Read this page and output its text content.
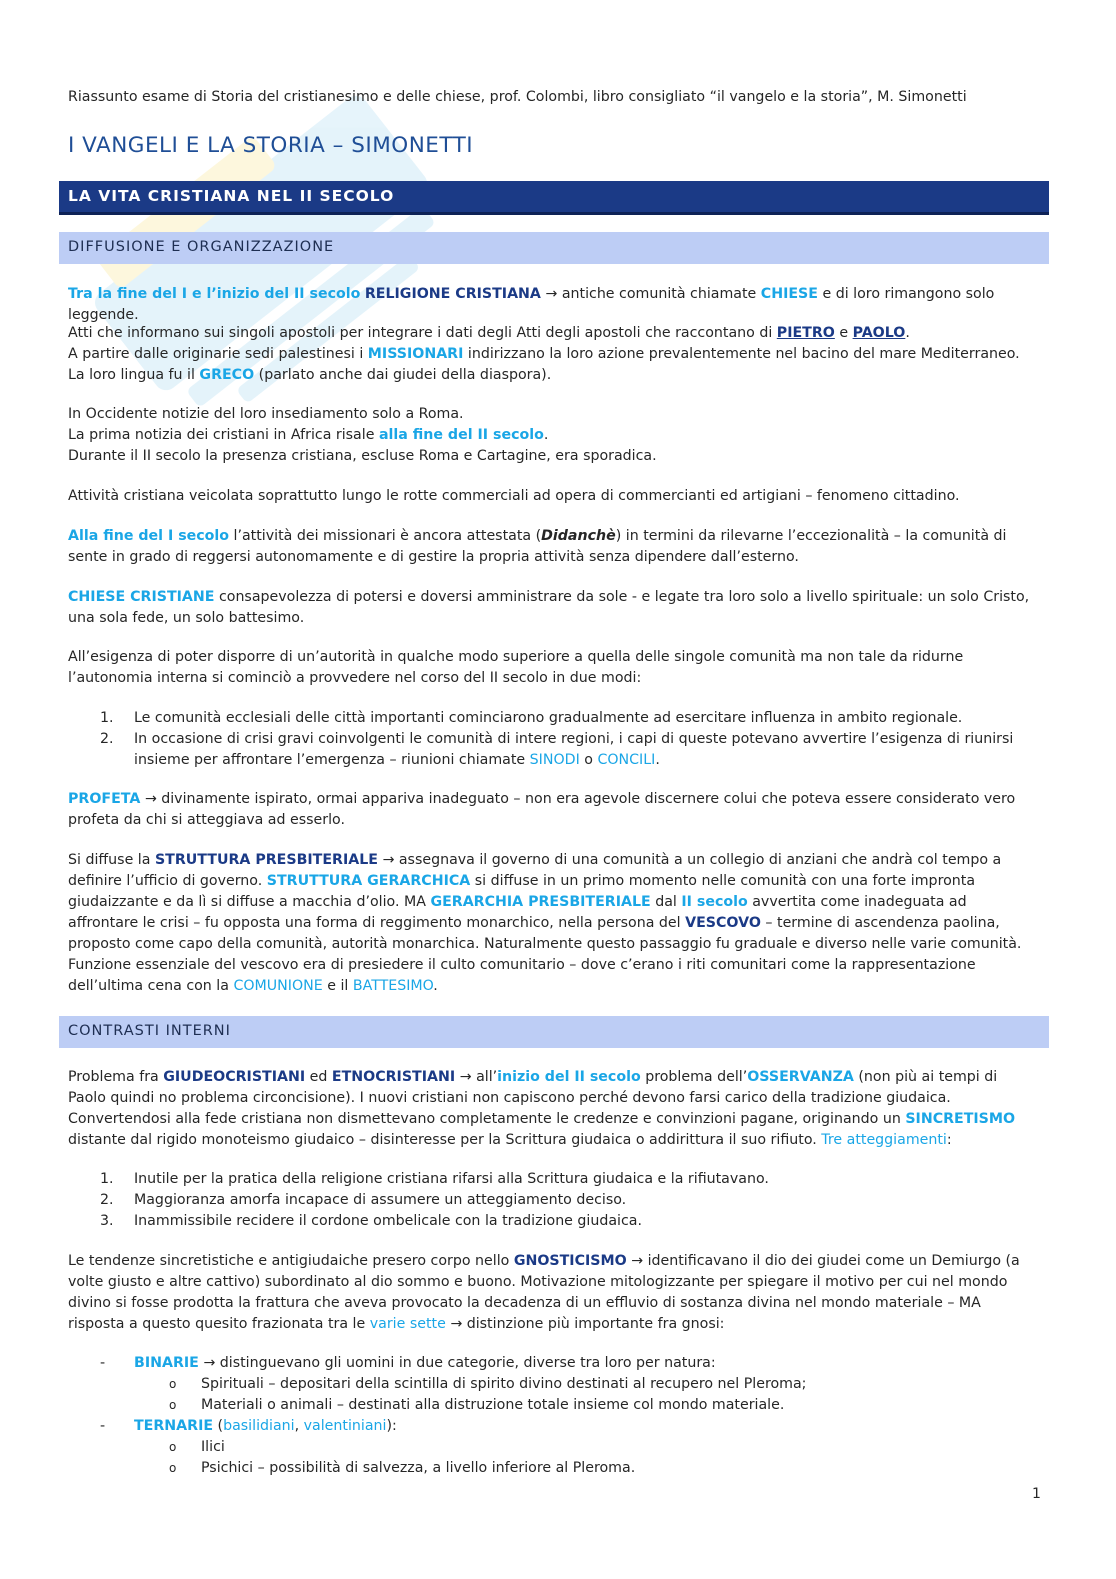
Riassunto esame di Storia del cristianesimo e delle chiese, prof. Colombi, libro consigliato “il vangelo e la storia”, M. Simonetti

I VANGELI E LA STORIA – SIMONETTI
LA VITA CRISTIANA NEL II SECOLO
DIFFUSIONE E ORGANIZZAZIONE

Tra la fine del I e l’inizio del II secolo RELIGIONE CRISTIANA → antiche comunità chiamate CHIESE e di loro rimangono solo leggende.

Atti che informano sui singoli apostoli per integrare i dati degli Atti degli apostoli che raccontano di PIETRO e PAOLO.
A partire dalle originarie sedi palestinesi i MISSIONARI indirizzano la loro azione prevalentemente nel bacino del mare Mediterraneo. La loro lingua fu il GRECO (parlato anche dai giudei della diaspora).

In Occidente notizie del loro insediamento solo a Roma.
La prima notizia dei cristiani in Africa risale alla fine del II secolo.
Durante il II secolo la presenza cristiana, escluse Roma e Cartagine, era sporadica.

Attività cristiana veicolata soprattutto lungo le rotte commerciali ad opera di commercianti ed artigiani – fenomeno cittadino.

Alla fine del I secolo l’attività dei missionari è ancora attestata (Didanchè) in termini da rilevarne l’eccezionalità – la comunità di sente in grado di reggersi autonomamente e di gestire la propria attività senza dipendere dall’esterno.

CHIESE CRISTIANE consapevolezza di potersi e doversi amministrare da sole - e legate tra loro solo a livello spirituale: un solo Cristo, una sola fede, un solo battesimo.

All’esigenza di poter disporre di un’autorità in qualche modo superiore a quella delle singole comunità ma non tale da ridurne l’autonomia interna si cominciò a provvedere nel corso del II secolo in due modi:

1. Le comunità ecclesiali delle città importanti cominciarono gradualmente ad esercitare influenza in ambito regionale.
2. In occasione di crisi gravi coinvolgenti le comunità di intere regioni, i capi di queste potevano avvertire l’esigenza di riunirsi insieme per affrontare l’emergenza – riunioni chiamate SINODI o CONCILI.

PROFETA → divinamente ispirato, ormai appariva inadeguato – non era agevole discernere colui che poteva essere considerato vero profeta da chi si atteggiava ad esserlo.

Si diffuse la STRUTTURA PRESBITERIALE → assegnava il governo di una comunità a un collegio di anziani che andrà col tempo a definire l’ufficio di governo. STRUTTURA GERARCHICA si diffuse in un primo momento nelle comunità con una forte impronta giudaizzante e da lì si diffuse a macchia d’olio. MA GERARCHIA PRESBITERIALE dal II secolo avvertita come inadeguata ad affrontare le crisi – fu opposta una forma di reggimento monarchico, nella persona del VESCOVO – termine di ascendenza paolina, proposto come capo della comunità, autorità monarchica. Naturalmente questo passaggio fu graduale e diverso nelle varie comunità. Funzione essenziale del vescovo era di presiedere il culto comunitario – dove c’erano i riti comunitari come la rappresentazione dell’ultima cena con la COMUNIONE e il BATTESIMO.

CONTRASTI INTERNI

Problema fra GIUDEOCRISTIANI ed ETNOCRISTIANI → all’inizio del II secolo problema dell’OSSERVANZA (non più ai tempi di Paolo quindi no problema circoncisione). I nuovi cristiani non capiscono perché devono farsi carico della tradizione giudaica. Convertendosi alla fede cristiana non dismettevano completamente le credenze e convinzioni pagane, originando un SINCRETISMO distante dal rigido monoteismo giudaico – disinteresse per la Scrittura giudaica o addirittura il suo rifiuto. Tre atteggiamenti:

1. Inutile per la pratica della religione cristiana rifarsi alla Scrittura giudaica e la rifiutavano.
2. Maggioranza amorfa incapace di assumere un atteggiamento deciso.
3. Inammissibile recidere il cordone ombelicale con la tradizione giudaica.

Le tendenze sincretistiche e antigiudaiche presero corpo nello GNOSTICISMO → identificavano il dio dei giudei come un Demiurgo (a volte giusto e altre cattivo) subordinato al dio sommo e buono. Motivazione mitologizzante per spiegare il motivo per cui nel mondo divino si fosse prodotta la frattura che aveva provocato la decadenza di un effluvio di sostanza divina nel mondo materiale – MA risposta a questo quesito frazionata tra le varie sette → distinzione più importante fra gnosi:

- BINARIE → distinguevano gli uomini in due categorie, diverse tra loro per natura:
o Spirituali – depositari della scintilla di spirito divino destinati al recupero nel Pleroma;
o Materiali o animali – destinati alla distruzione totale insieme col mondo materiale.
- TERNARIE (basilidiani, valentiniani):
o Ilici
o Psichici – possibilità di salvezza, a livello inferiore al Pleroma.
1
